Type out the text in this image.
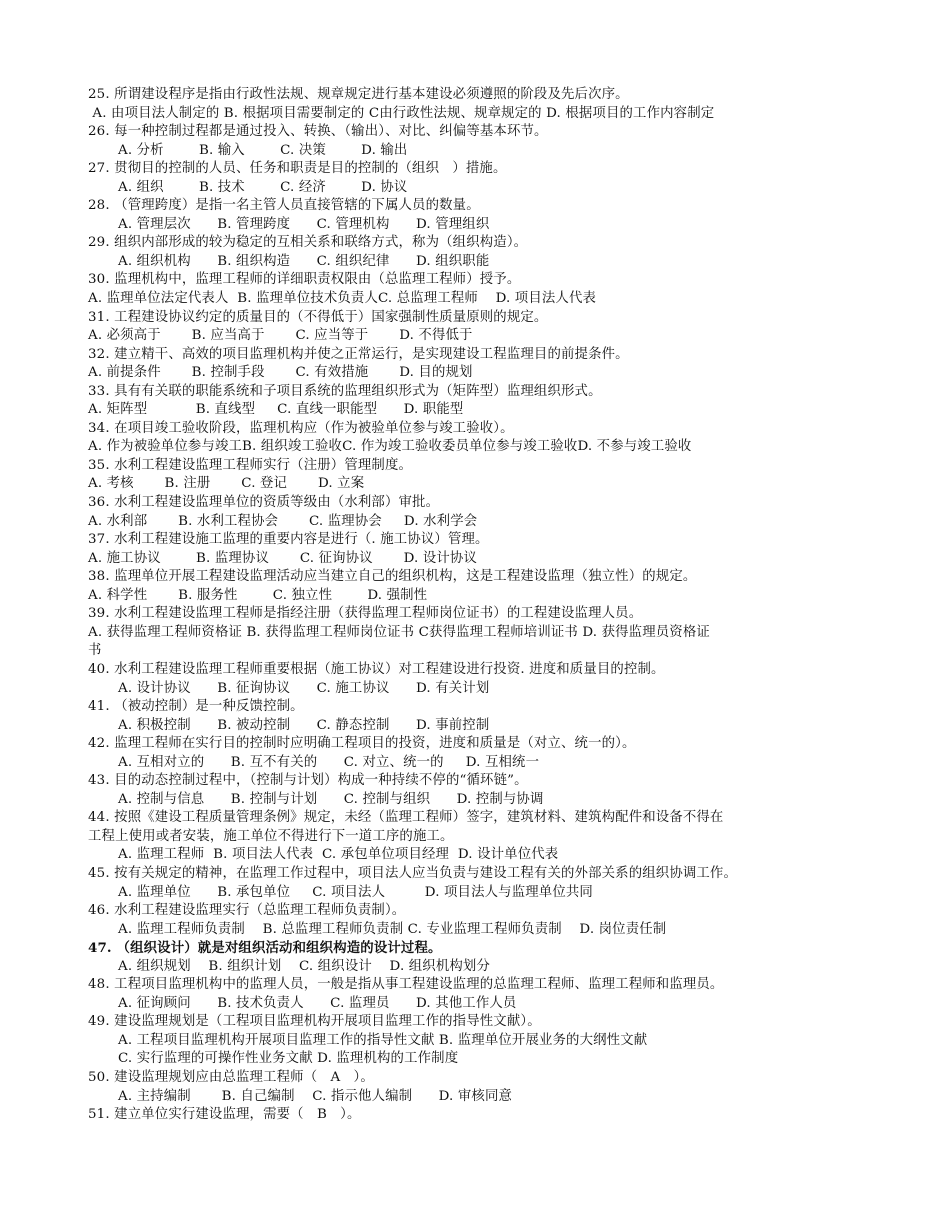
25. 所谓建设程序是指由行政性法规、规章规定进行基本建设必须遵照的阶段及先后次序。
A. 由项目法人制定的 B. 根据项目需要制定的 C由行政性法规、规章规定的 D. 根据项目的工作内容制定
26. 每一种控制过程都是通过投入、转换、（输出）、对比、纠偏等基本环节。
A. 分析        B. 输入        C. 决策        D. 输出
27. 贯彻目的控制的人员、任务和职责是目的控制的（组织   ）措施。
A. 组织        B. 技术        C. 经济        D. 协议
28. （管理跨度）是指一名主管人员直接管辖的下属人员的数量。
A. 管理层次      B. 管理跨度      C. 管理机构      D. 管理组织
29. 组织内部形成的较为稳定的互相关系和联络方式，称为（组织构造）。
A. 组织机构      B. 组织构造      C. 组织纪律      D. 组织职能
30. 监理机构中，监理工程师的详细职责权限由（总监理工程师）授予。
A. 监理单位法定代表人  B. 监理单位技术负责人C. 总监理工程师    D. 项目法人代表
31. 工程建设协议约定的质量目的（不得低于）国家强制性质量原则的规定。
A. 必须高于       B. 应当高于       C. 应当等于       D. 不得低于
32. 建立精干、高效的项目监理机构并使之正常运行，是实现建设工程监理目的前提条件。
A. 前提条件       B. 控制手段       C. 有效措施       D. 目的规划
33. 具有有关联的职能系统和子项目系统的监理组织形式为（矩阵型）监理组织形式。
A. 矩阵型           B. 直线型     C. 直线一职能型      D. 职能型
34. 在项目竣工验收阶段，监理机构应（作为被验单位参与竣工验收）。
A. 作为被验单位参与竣工B. 组织竣工验收C. 作为竣工验收委员单位参与竣工验收D. 不参与竣工验收
35. 水利工程建设监理工程师实行（注册）管理制度。
A. 考核       B. 注册       C. 登记       D. 立案
36. 水利工程建设监理单位的资质等级由（水利部）审批。
A. 水利部       B. 水利工程协会       C. 监理协会     D. 水利学会
37. 水利工程建设施工监理的重要内容是进行（. 施工协议）管理。
A. 施工协议        B. 监理协议       C. 征询协议       D. 设计协议
38. 监理单位开展工程建设监理活动应当建立自己的组织机构，这是工程建设监理（独立性）的规定。
A. 科学性       B. 服务性        C. 独立性        D. 强制性
39. 水利工程建设监理工程师是指经注册（获得监理工程师岗位证书）的工程建设监理人员。
A. 获得监理工程师资格证 B. 获得监理工程师岗位证书 C获得监理工程师培训证书 D. 获得监理员资格证
书
40. 水利工程建设监理工程师重要根据（施工协议）对工程建设进行投资. 进度和质量目的控制。
A. 设计协议      B. 征询协议      C. 施工协议      D. 有关计划
41. （被动控制）是一种反馈控制。
A. 积极控制      B. 被动控制      C. 静态控制      D. 事前控制
42. 监理工程师在实行目的控制时应明确工程项目的投资，进度和质量是（对立、统一的）。
A. 互相对立的      B. 互不有关的      C. 对立、统一的     D. 互相统一
43. 目的动态控制过程中，（控制与计划）构成一种持续不停的“循环链”。
A. 控制与信息      B. 控制与计划      C. 控制与组织      D. 控制与协调
44. 按照《建设工程质量管理条例》规定，未经（监理工程师）签字，建筑材料、建筑构配件和设备不得在
工程上使用或者安装，施工单位不得进行下一道工序的施工。
A. 监理工程师  B. 项目法人代表  C. 承包单位项目经理  D. 设计单位代表
45. 按有关规定的精神，在监理工作过程中，项目法人应当负责与建设工程有关的外部关系的组织协调工作。
A. 监理单位      B. 承包单位     C. 项目法人         D. 项目法人与监理单位共同
46. 水利工程建设监理实行（总监理工程师负责制）。
A. 监理工程师负责制    B. 总监理工程师负责制 C. 专业监理工程师负责制    D. 岗位责任制
47. （组织设计）就是对组织活动和组织构造的设计过程。
A. 组织规划    B. 组织计划    C. 组织设计    D. 组织机构划分
48. 工程项目监理机构中的监理人员，一般是指从事工程建设监理的总监理工程师、监理工程师和监理员。
A. 征询顾问      B. 技术负责人      C. 监理员      D. 其他工作人员
49. 建设监理规划是（工程项目监理机构开展项目监理工作的指导性文献）。
A. 工程项目监理机构开展项目监理工作的指导性文献 B. 监理单位开展业务的大纲性文献
C. 实行监理的可操作性业务文献 D. 监理机构的工作制度
50. 建设监理规划应由总监理工程师（   A   ）。
A. 主持编制       B. 自己编制    C. 指示他人编制      D. 审核同意
51. 建立单位实行建设监理，需要（   B   ）。
